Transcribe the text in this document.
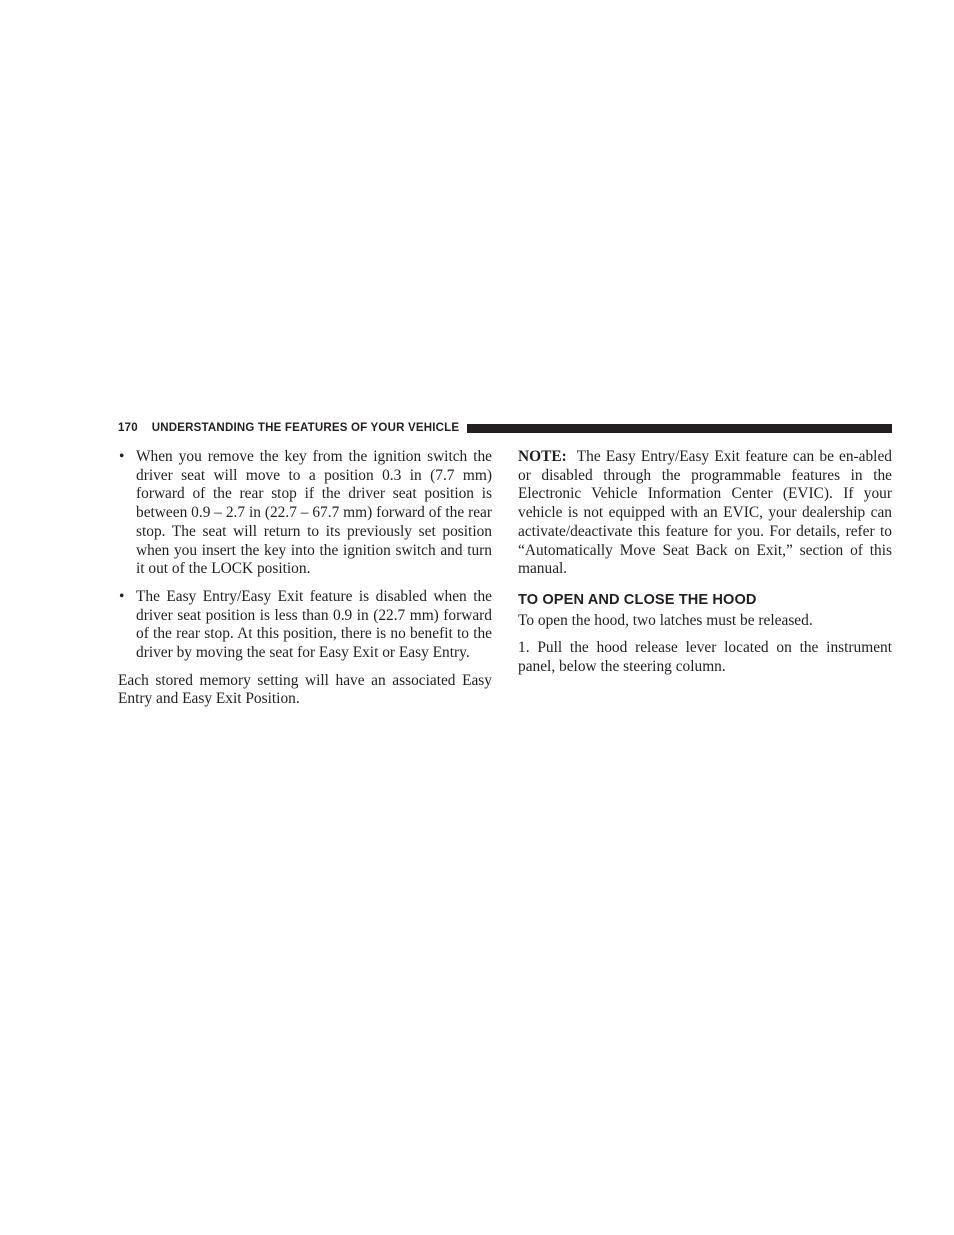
170 UNDERSTANDING THE FEATURES OF YOUR VEHICLE
• When you remove the key from the ignition switch the driver seat will move to a position 0.3 in (7.7 mm) forward of the rear stop if the driver seat position is between 0.9 – 2.7 in (22.7 – 67.7 mm) forward of the rear stop. The seat will return to its previously set position when you insert the key into the ignition switch and turn it out of the LOCK position.
• The Easy Entry/Easy Exit feature is disabled when the driver seat position is less than 0.9 in (22.7 mm) forward of the rear stop. At this position, there is no benefit to the driver by moving the seat for Easy Exit or Easy Entry.

Each stored memory setting will have an associated Easy Entry and Easy Exit Position.

NOTE: The Easy Entry/Easy Exit feature can be en-abled or disabled through the programmable features in the Electronic Vehicle Information Center (EVIC). If your vehicle is not equipped with an EVIC, your dealership can activate/deactivate this feature for you. For details, refer to “Automatically Move Seat Back on Exit,” section of this manual.

TO OPEN AND CLOSE THE HOOD

To open the hood, two latches must be released.

1. Pull the hood release lever located on the instrument panel, below the steering column.
